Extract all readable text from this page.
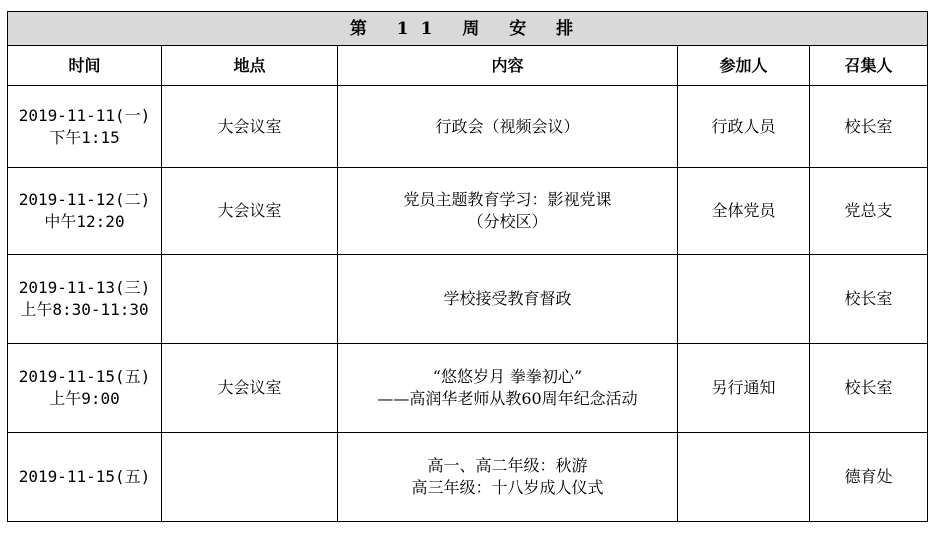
第 11 周 安 排				
时间	地点	内容	参加人	召集人

2019-11-11(一)
下午1:15	大会议室	行政会（视频会议）	行政人员	校长室

2019-11-12(二)
中午12:20	大会议室	党员主题教育学习：影视党课
（分校区）	全体党员	党总支

2019-11-13(三)
上午8:30-11:30		学校接受教育督政		校长室

2019-11-15(五)
上午9:00	大会议室	“悠悠岁月 拳拳初心”
——高润华老师从教60周年纪念活动	另行通知	校长室

2019-11-15(五)		高一、高二年级：秋游
高三年级：十八岁成人仪式		德育处
